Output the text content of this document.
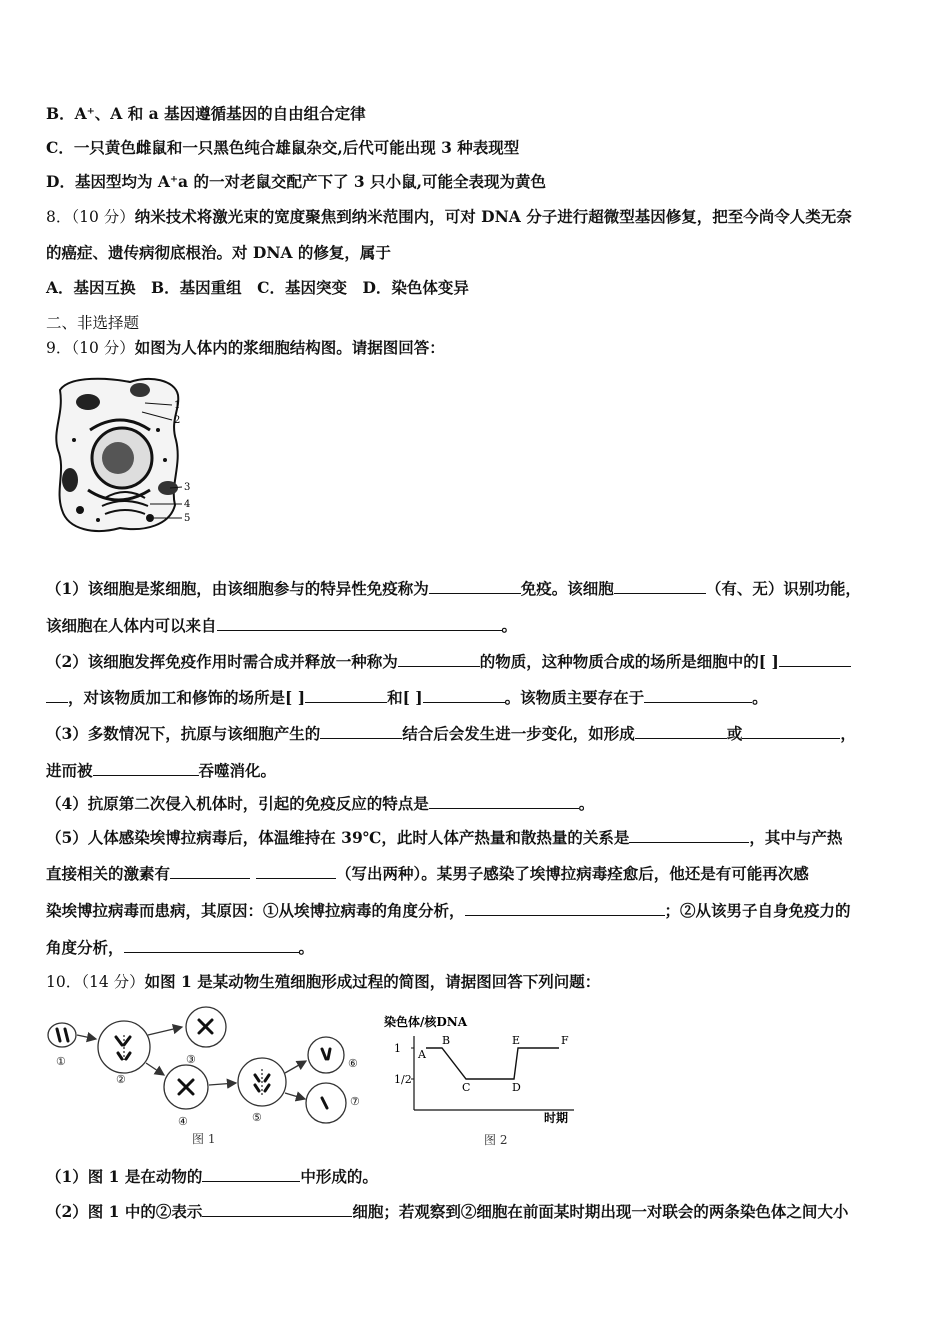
B．A⁺、A 和 a 基因遵循基因的自由组合定律
C．一只黄色雌鼠和一只黑色纯合雄鼠杂交,后代可能出现 3 种表现型
D．基因型均为 A⁺a 的一对老鼠交配产下了 3 只小鼠,可能全表现为黄色
8．（10 分）纳米技术将激光束的宽度聚焦到纳米范围内，可对 DNA 分子进行超微型基因修复，把至今尚令人类无奈
的癌症、遗传病彻底根治。对 DNA 的修复，属于
A．基因互换　B．基因重组　C．基因突变　D．染色体变异
二、非选择题
9．（10 分）如图为人体内的浆细胞结构图。请据图回答：
1
2
3
4
5
（1）该细胞是浆细胞，由该细胞参与的特异性免疫称为	免疫。该细胞	（有、无）识别功能，
该细胞在人体内可以来自	。
（2）该细胞发挥免疫作用时需合成并释放一种称为	的物质，这种物质合成的场所是细胞中的[ ]
，对该物质加工和修饰的场所是[ ]	和[ ]	。该物质主要存在于	。
（3）多数情况下，抗原与该细胞产生的	结合后会发生进一步变化，如形成	或	，
进而被	吞噬消化。
（4）抗原第二次侵入机体时，引起的免疫反应的特点是	。
（5）人体感染埃博拉病毒后，体温维持在 39℃，此时人体产热量和散热量的关系是	，其中与产热
直接相关的激素有	（写出两种）。某男子感染了埃博拉病毒痊愈后，他还是有可能再次感
染埃博拉病毒而患病，其原因：①从埃博拉病毒的角度分析，	；②从该男子自身免疫力的
角度分析，	。
10．（14 分）如图 1 是某动物生殖细胞形成过程的简图，请据图回答下列问题：
①
②
③
④	⑤
⑥
⑦
图 1
染色体/核DNA
时期
图 2
1
1/2
A
B
C	D
E	F
（1）图 1 是在动物的	中形成的。
（2）图 1 中的②表示	细胞；若观察到②细胞在前面某时期出现一对联会的两条染色体之间大小
